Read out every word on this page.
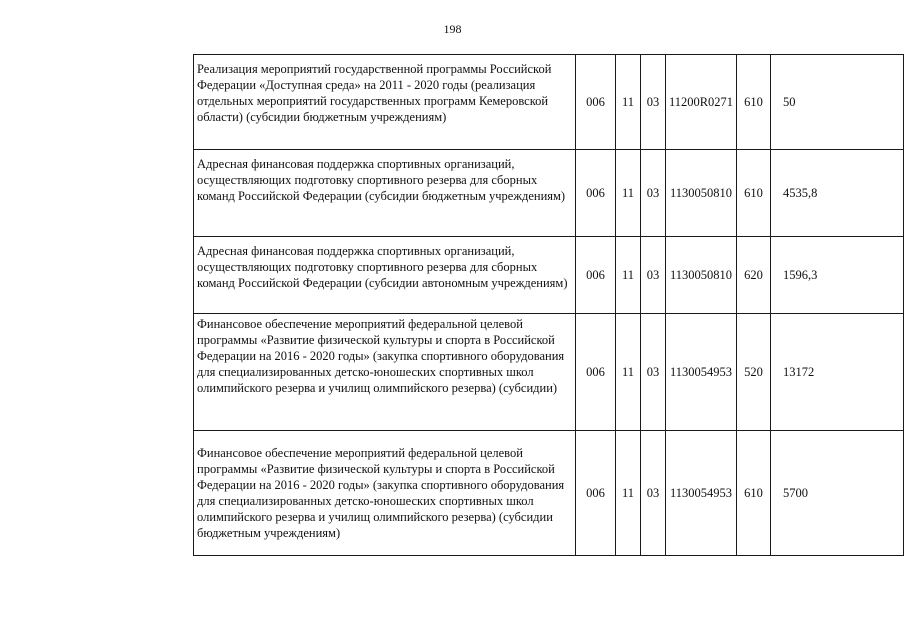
198
Реализация мероприятий государственной программы Российской Федерации «Доступная среда» на 2011 - 2020 годы (реализация отдельных мероприятий государственных программ Кемеровской области) (субсидии бюджетным учреждениям)	006	11	03	11200R0271	610	50
Адресная финансовая поддержка спортивных организаций, осуществляющих подготовку спортивного резерва для сборных команд Российской Федерации (субсидии бюджетным учреждениям)	006	11	03	1130050810	610	4535,8
Адресная финансовая поддержка спортивных организаций, осуществляющих подготовку спортивного резерва для сборных команд Российской Федерации (субсидии автономным учреждениям)	006	11	03	1130050810	620	1596,3
Финансовое обеспечение мероприятий федеральной целевой программы «Развитие физической культуры и спорта в Российской Федерации на 2016 - 2020 годы» (закупка спортивного оборудования для специализированных детско-юношеских спортивных школ олимпийского резерва и училищ олимпийского резерва) (субсидии)	006	11	03	1130054953	520	13172
Финансовое обеспечение мероприятий федеральной целевой программы «Развитие физической культуры и спорта в Российской Федерации на 2016 - 2020 годы» (закупка спортивного оборудования для специализированных детско-юношеских спортивных школ олимпийского резерва и училищ олимпийского резерва) (субсидии бюджетным учреждениям)	006	11	03	1130054953	610	5700
